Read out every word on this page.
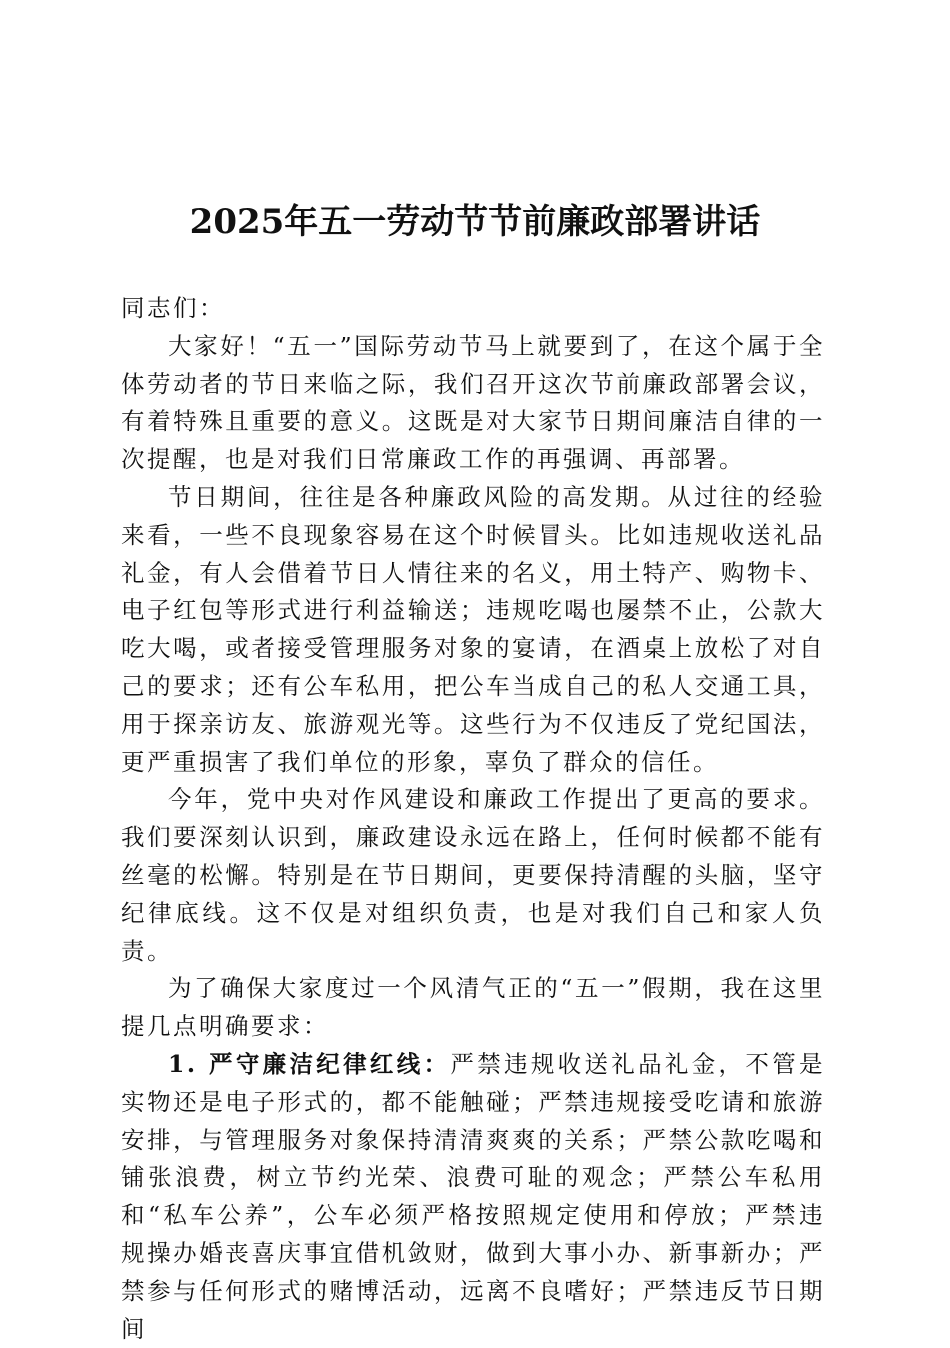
2025年五一劳动节节前廉政部署讲话

同志们：

大家好！“五一”国际劳动节马上就要到了，在这个属于全体劳动者的节日来临之际，我们召开这次节前廉政部署会议，有着特殊且重要的意义。这既是对大家节日期间廉洁自律的一次提醒，也是对我们日常廉政工作的再强调、再部署。

节日期间，往往是各种廉政风险的高发期。从过往的经验来看，一些不良现象容易在这个时候冒头。比如违规收送礼品礼金，有人会借着节日人情往来的名义，用土特产、购物卡、电子红包等形式进行利益输送；违规吃喝也屡禁不止，公款大吃大喝，或者接受管理服务对象的宴请，在酒桌上放松了对自己的要求；还有公车私用，把公车当成自己的私人交通工具，用于探亲访友、旅游观光等。这些行为不仅违反了党纪国法，更严重损害了我们单位的形象，辜负了群众的信任。

今年，党中央对作风建设和廉政工作提出了更高的要求。我们要深刻认识到，廉政建设永远在路上，任何时候都不能有丝毫的松懈。特别是在节日期间，更要保持清醒的头脑，坚守纪律底线。这不仅是对组织负责，也是对我们自己和家人负责。

为了确保大家度过一个风清气正的“五一”假期，我在这里提几点明确要求：

1. 严守廉洁纪律红线：严禁违规收送礼品礼金，不管是实物还是电子形式的，都不能触碰；严禁违规接受吃请和旅游安排，与管理服务对象保持清清爽爽的关系；严禁公款吃喝和铺张浪费，树立节约光荣、浪费可耻的观念；严禁公车私用和“私车公养”，公车必须严格按照规定使用和停放；严禁违规操办婚丧喜庆事宜借机敛财，做到大事小办、新事新办；严禁参与任何形式的赌博活动，远离不良嗜好；严禁违反节日期间
